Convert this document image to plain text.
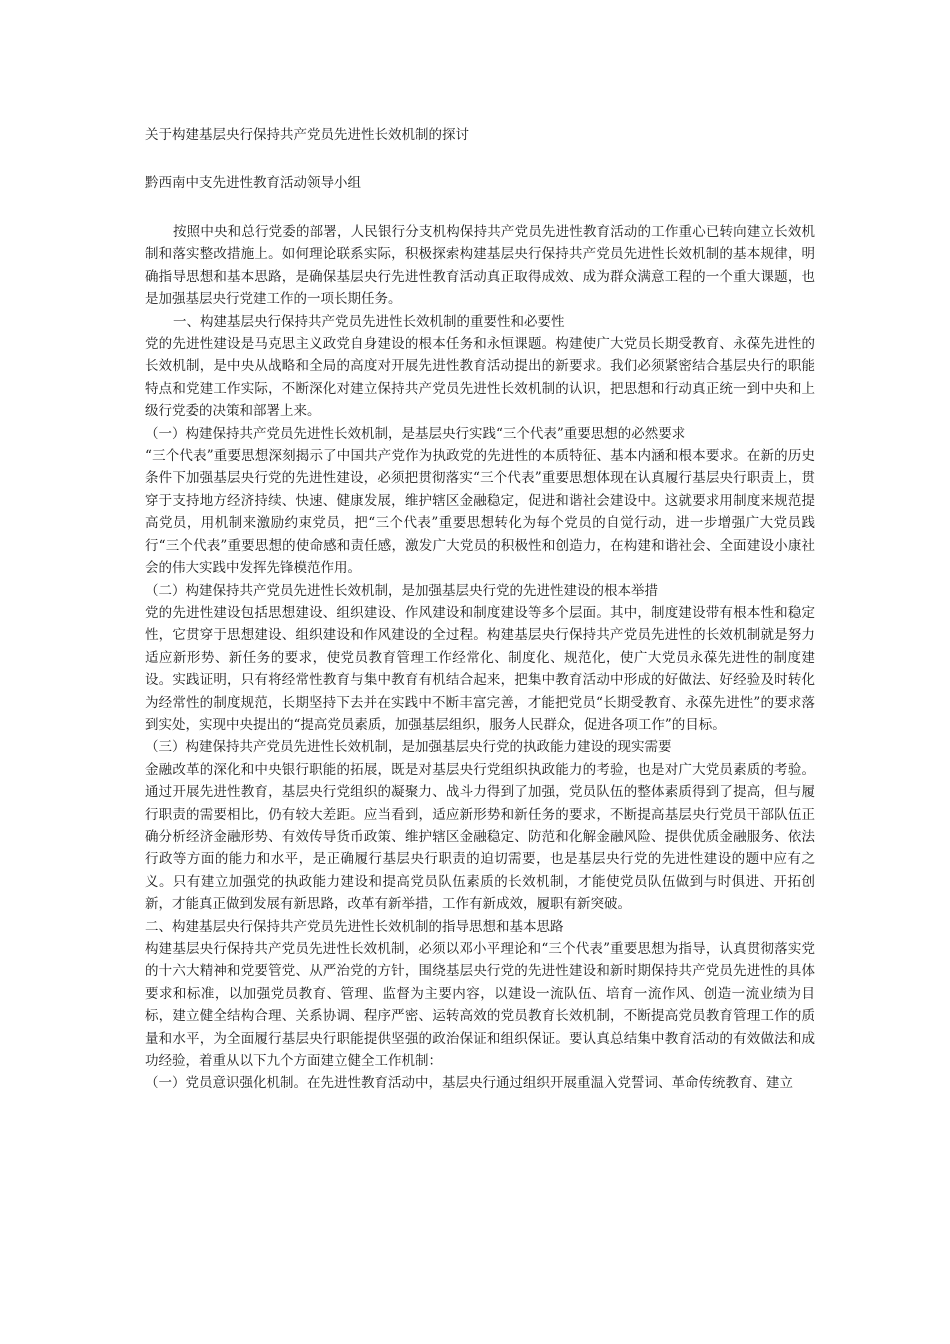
关于构建基层央行保持共产党员先进性长效机制的探讨
黔西南中支先进性教育活动领导小组

按照中央和总行党委的部署，人民银行分支机构保持共产党员先进性教育活动的工作重心已转向建立长效机制和落实整改措施上。如何理论联系实际，积极探索构建基层央行保持共产党员先进性长效机制的基本规律，明确指导思想和基本思路，是确保基层央行先进性教育活动真正取得成效、成为群众满意工程的一个重大课题，也是加强基层央行党建工作的一项长期任务。

一、构建基层央行保持共产党员先进性长效机制的重要性和必要性

党的先进性建设是马克思主义政党自身建设的根本任务和永恒课题。构建使广大党员长期受教育、永葆先进性的长效机制，是中央从战略和全局的高度对开展先进性教育活动提出的新要求。我们必须紧密结合基层央行的职能特点和党建工作实际，不断深化对建立保持共产党员先进性长效机制的认识，把思想和行动真正统一到中央和上级行党委的决策和部署上来。

（一）构建保持共产党员先进性长效机制，是基层央行实践“三个代表”重要思想的必然要求

“三个代表”重要思想深刻揭示了中国共产党作为执政党的先进性的本质特征、基本内涵和根本要求。在新的历史条件下加强基层央行党的先进性建设，必须把贯彻落实“三个代表”重要思想体现在认真履行基层央行职责上，贯穿于支持地方经济持续、快速、健康发展，维护辖区金融稳定，促进和谐社会建设中。这就要求用制度来规范提高党员，用机制来激励约束党员，把“三个代表”重要思想转化为每个党员的自觉行动，进一步增强广大党员践行“三个代表”重要思想的使命感和责任感，激发广大党员的积极性和创造力，在构建和谐社会、全面建设小康社会的伟大实践中发挥先锋模范作用。

（二）构建保持共产党员先进性长效机制，是加强基层央行党的先进性建设的根本举措

党的先进性建设包括思想建设、组织建设、作风建设和制度建设等多个层面。其中，制度建设带有根本性和稳定性，它贯穿于思想建设、组织建设和作风建设的全过程。构建基层央行保持共产党员先进性的长效机制就是努力适应新形势、新任务的要求，使党员教育管理工作经常化、制度化、规范化，使广大党员永葆先进性的制度建设。实践证明，只有将经常性教育与集中教育有机结合起来，把集中教育活动中形成的好做法、好经验及时转化为经常性的制度规范，长期坚持下去并在实践中不断丰富完善，才能把党员“长期受教育、永葆先进性”的要求落到实处，实现中央提出的“提高党员素质，加强基层组织，服务人民群众，促进各项工作”的目标。

（三）构建保持共产党员先进性长效机制，是加强基层央行党的执政能力建设的现实需要

金融改革的深化和中央银行职能的拓展，既是对基层央行党组织执政能力的考验，也是对广大党员素质的考验。通过开展先进性教育，基层央行党组织的凝聚力、战斗力得到了加强，党员队伍的整体素质得到了提高，但与履行职责的需要相比，仍有较大差距。应当看到，适应新形势和新任务的要求，不断提高基层央行党员干部队伍正确分析经济金融形势、有效传导货币政策、维护辖区金融稳定、防范和化解金融风险、提供优质金融服务、依法行政等方面的能力和水平，是正确履行基层央行职责的迫切需要，也是基层央行党的先进性建设的题中应有之义。只有建立加强党的执政能力建设和提高党员队伍素质的长效机制，才能使党员队伍做到与时俱进、开拓创新，才能真正做到发展有新思路，改革有新举措，工作有新成效，履职有新突破。

二、构建基层央行保持共产党员先进性长效机制的指导思想和基本思路

构建基层央行保持共产党员先进性长效机制，必须以邓小平理论和“三个代表”重要思想为指导，认真贯彻落实党的十六大精神和党要管党、从严治党的方针，围绕基层央行党的先进性建设和新时期保持共产党员先进性的具体要求和标准，以加强党员教育、管理、监督为主要内容，以建设一流队伍、培育一流作风、创造一流业绩为目标，建立健全结构合理、关系协调、程序严密、运转高效的党员教育长效机制，不断提高党员教育管理工作的质量和水平，为全面履行基层央行职能提供坚强的政治保证和组织保证。要认真总结集中教育活动的有效做法和成功经验，着重从以下九个方面建立健全工作机制：

（一）党员意识强化机制。在先进性教育活动中，基层央行通过组织开展重温入党誓词、革命传统教育、建立
